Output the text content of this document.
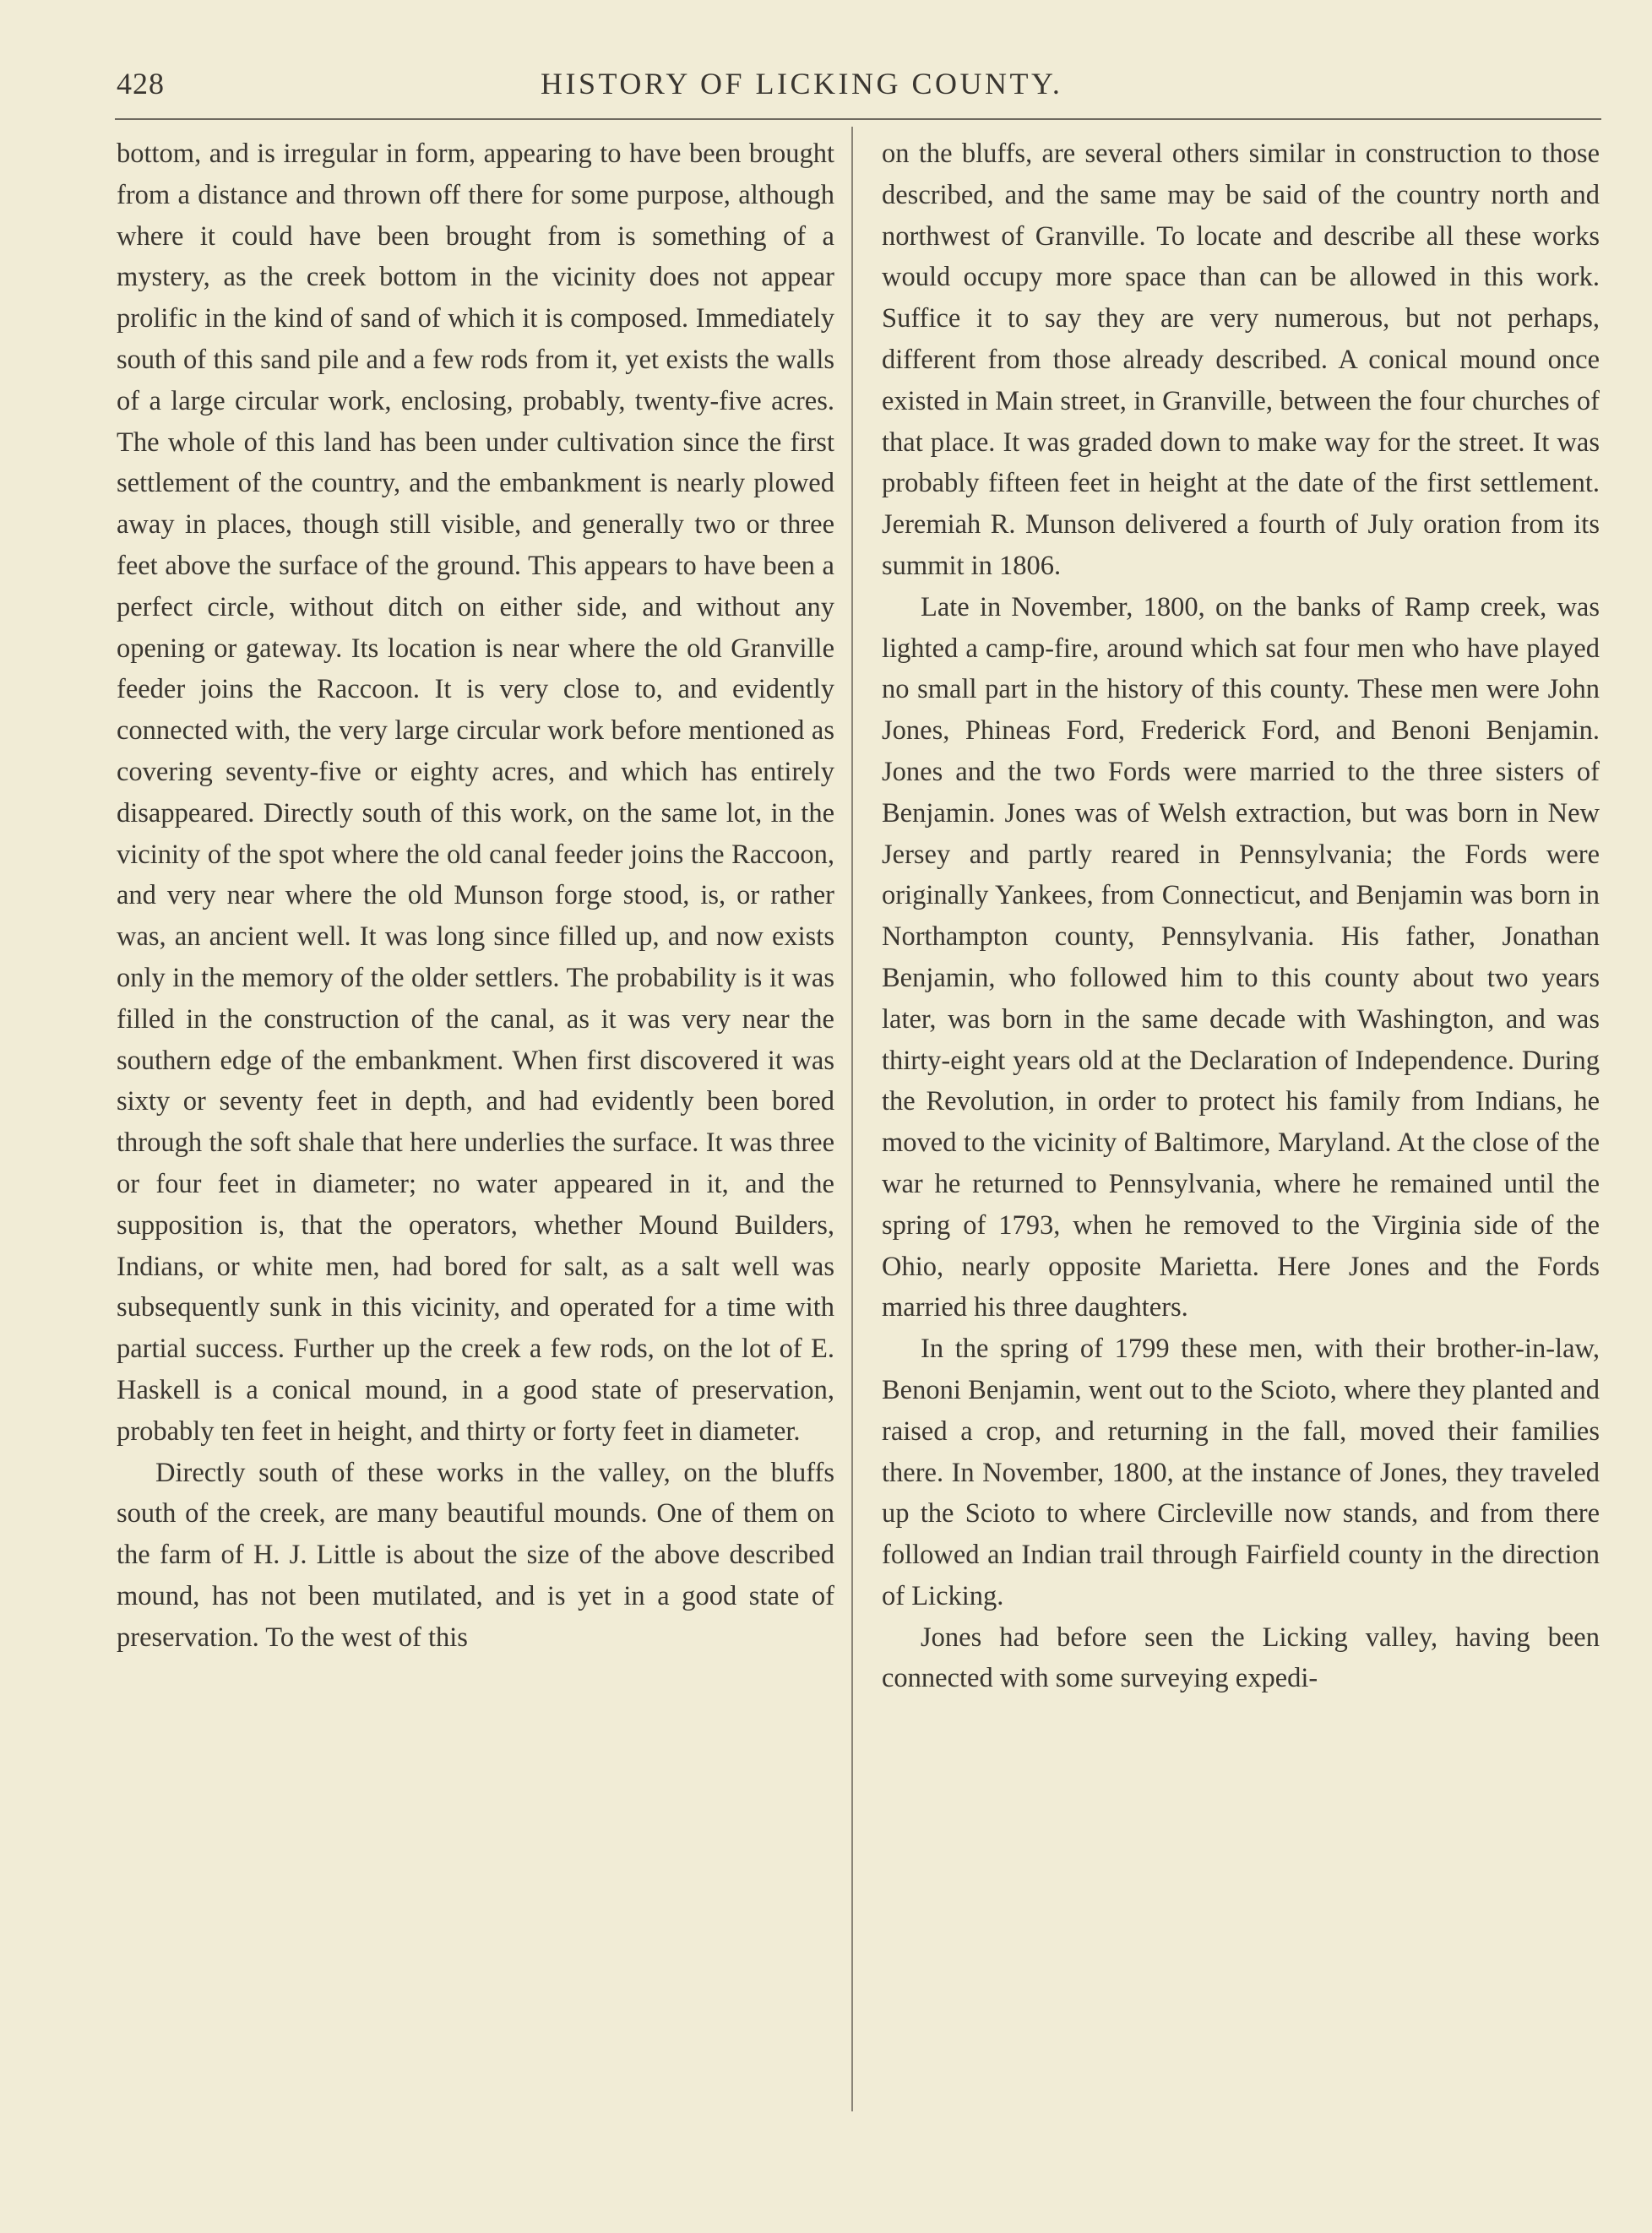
428	HISTORY OF LICKING COUNTY.

bottom, and is irregular in form, appearing to have been brought from a distance and thrown off there for some purpose, although where it could have been brought from is something of a mystery, as the creek bottom in the vicinity does not appear prolific in the kind of sand of which it is composed. Immediately south of this sand pile and a few rods from it, yet exists the walls of a large circular work, enclosing, probably, twenty-five acres. The whole of this land has been under cultivation since the first settlement of the country, and the embankment is nearly plowed away in places, though still visible, and generally two or three feet above the surface of the ground. This appears to have been a perfect circle, without ditch on either side, and without any opening or gateway. Its location is near where the old Granville feeder joins the Raccoon. It is very close to, and evidently connected with, the very large circular work before mentioned as covering seventy-five or eighty acres, and which has entirely disappeared. Directly south of this work, on the same lot, in the vicinity of the spot where the old canal feeder joins the Raccoon, and very near where the old Munson forge stood, is, or rather was, an ancient well. It was long since filled up, and now exists only in the memory of the older settlers. The probability is it was filled in the construction of the canal, as it was very near the southern edge of the embankment. When first discovered it was sixty or seventy feet in depth, and had evidently been bored through the soft shale that here underlies the surface. It was three or four feet in diameter; no water appeared in it, and the supposition is, that the operators, whether Mound Builders, Indians, or white men, had bored for salt, as a salt well was subsequently sunk in this vicinity, and operated for a time with partial success. Further up the creek a few rods, on the lot of E. Haskell is a conical mound, in a good state of preservation, probably ten feet in height, and thirty or forty feet in diameter.

Directly south of these works in the valley, on the bluffs south of the creek, are many beautiful mounds. One of them on the farm of H. J. Little is about the size of the above described mound, has not been mutilated, and is yet in a good state of preservation. To the west of this

on the bluffs, are several others similar in construction to those described, and the same may be said of the country north and northwest of Granville. To locate and describe all these works would occupy more space than can be allowed in this work. Suffice it to say they are very numerous, but not perhaps, different from those already described. A conical mound once existed in Main street, in Granville, between the four churches of that place. It was graded down to make way for the street. It was probably fifteen feet in height at the date of the first settlement. Jeremiah R. Munson delivered a fourth of July oration from its summit in 1806.

Late in November, 1800, on the banks of Ramp creek, was lighted a camp-fire, around which sat four men who have played no small part in the history of this county. These men were John Jones, Phineas Ford, Frederick Ford, and Benoni Benjamin. Jones and the two Fords were married to the three sisters of Benjamin. Jones was of Welsh extraction, but was born in New Jersey and partly reared in Pennsylvania; the Fords were originally Yankees, from Connecticut, and Benjamin was born in Northampton county, Pennsylvania. His father, Jonathan Benjamin, who followed him to this county about two years later, was born in the same decade with Washington, and was thirty-eight years old at the Declaration of Independence. During the Revolution, in order to protect his family from Indians, he moved to the vicinity of Baltimore, Maryland. At the close of the war he returned to Pennsylvania, where he remained until the spring of 1793, when he removed to the Virginia side of the Ohio, nearly opposite Marietta. Here Jones and the Fords married his three daughters.

In the spring of 1799 these men, with their brother-in-law, Benoni Benjamin, went out to the Scioto, where they planted and raised a crop, and returning in the fall, moved their families there. In November, 1800, at the instance of Jones, they traveled up the Scioto to where Circleville now stands, and from there followed an Indian trail through Fairfield county in the direction of Licking.

Jones had before seen the Licking valley, having been connected with some surveying expedi-
